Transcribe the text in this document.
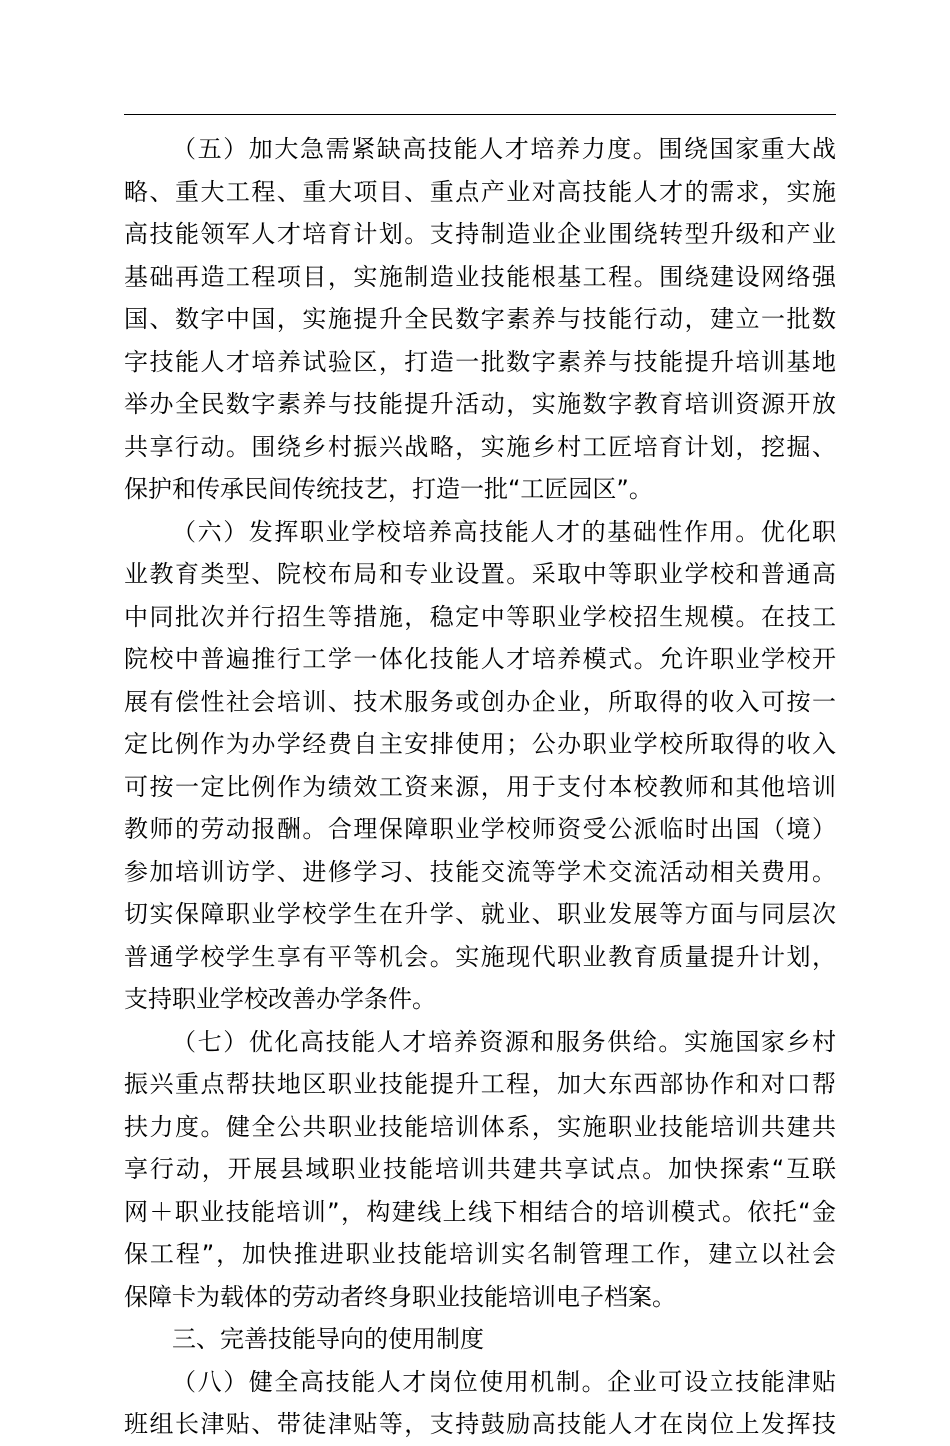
（五）加大急需紧缺高技能人才培养力度。围绕国家重大战
略、重大工程、重大项目、重点产业对高技能人才的需求，实施
高技能领军人才培育计划。支持制造业企业围绕转型升级和产业
基础再造工程项目，实施制造业技能根基工程。围绕建设网络强
国、数字中国，实施提升全民数字素养与技能行动，建立一批数
字技能人才培养试验区，打造一批数字素养与技能提升培训基地
举办全民数字素养与技能提升活动，实施数字教育培训资源开放
共享行动。围绕乡村振兴战略，实施乡村工匠培育计划，挖掘、
保护和传承民间传统技艺，打造一批“工匠园区”。
（六）发挥职业学校培养高技能人才的基础性作用。优化职
业教育类型、院校布局和专业设置。采取中等职业学校和普通高
中同批次并行招生等措施，稳定中等职业学校招生规模。在技工
院校中普遍推行工学一体化技能人才培养模式。允许职业学校开
展有偿性社会培训、技术服务或创办企业，所取得的收入可按一
定比例作为办学经费自主安排使用；公办职业学校所取得的收入
可按一定比例作为绩效工资来源，用于支付本校教师和其他培训
教师的劳动报酬。合理保障职业学校师资受公派临时出国（境）
参加培训访学、进修学习、技能交流等学术交流活动相关费用。
切实保障职业学校学生在升学、就业、职业发展等方面与同层次
普通学校学生享有平等机会。实施现代职业教育质量提升计划，
支持职业学校改善办学条件。
（七）优化高技能人才培养资源和服务供给。实施国家乡村
振兴重点帮扶地区职业技能提升工程，加大东西部协作和对口帮
扶力度。健全公共职业技能培训体系，实施职业技能培训共建共
享行动，开展县域职业技能培训共建共享试点。加快探索“互联
网＋职业技能培训”，构建线上线下相结合的培训模式。依托“金
保工程”，加快推进职业技能培训实名制管理工作，建立以社会
保障卡为载体的劳动者终身职业技能培训电子档案。
三、完善技能导向的使用制度
（八）健全高技能人才岗位使用机制。企业可设立技能津贴
班组长津贴、带徒津贴等，支持鼓励高技能人才在岗位上发挥技
